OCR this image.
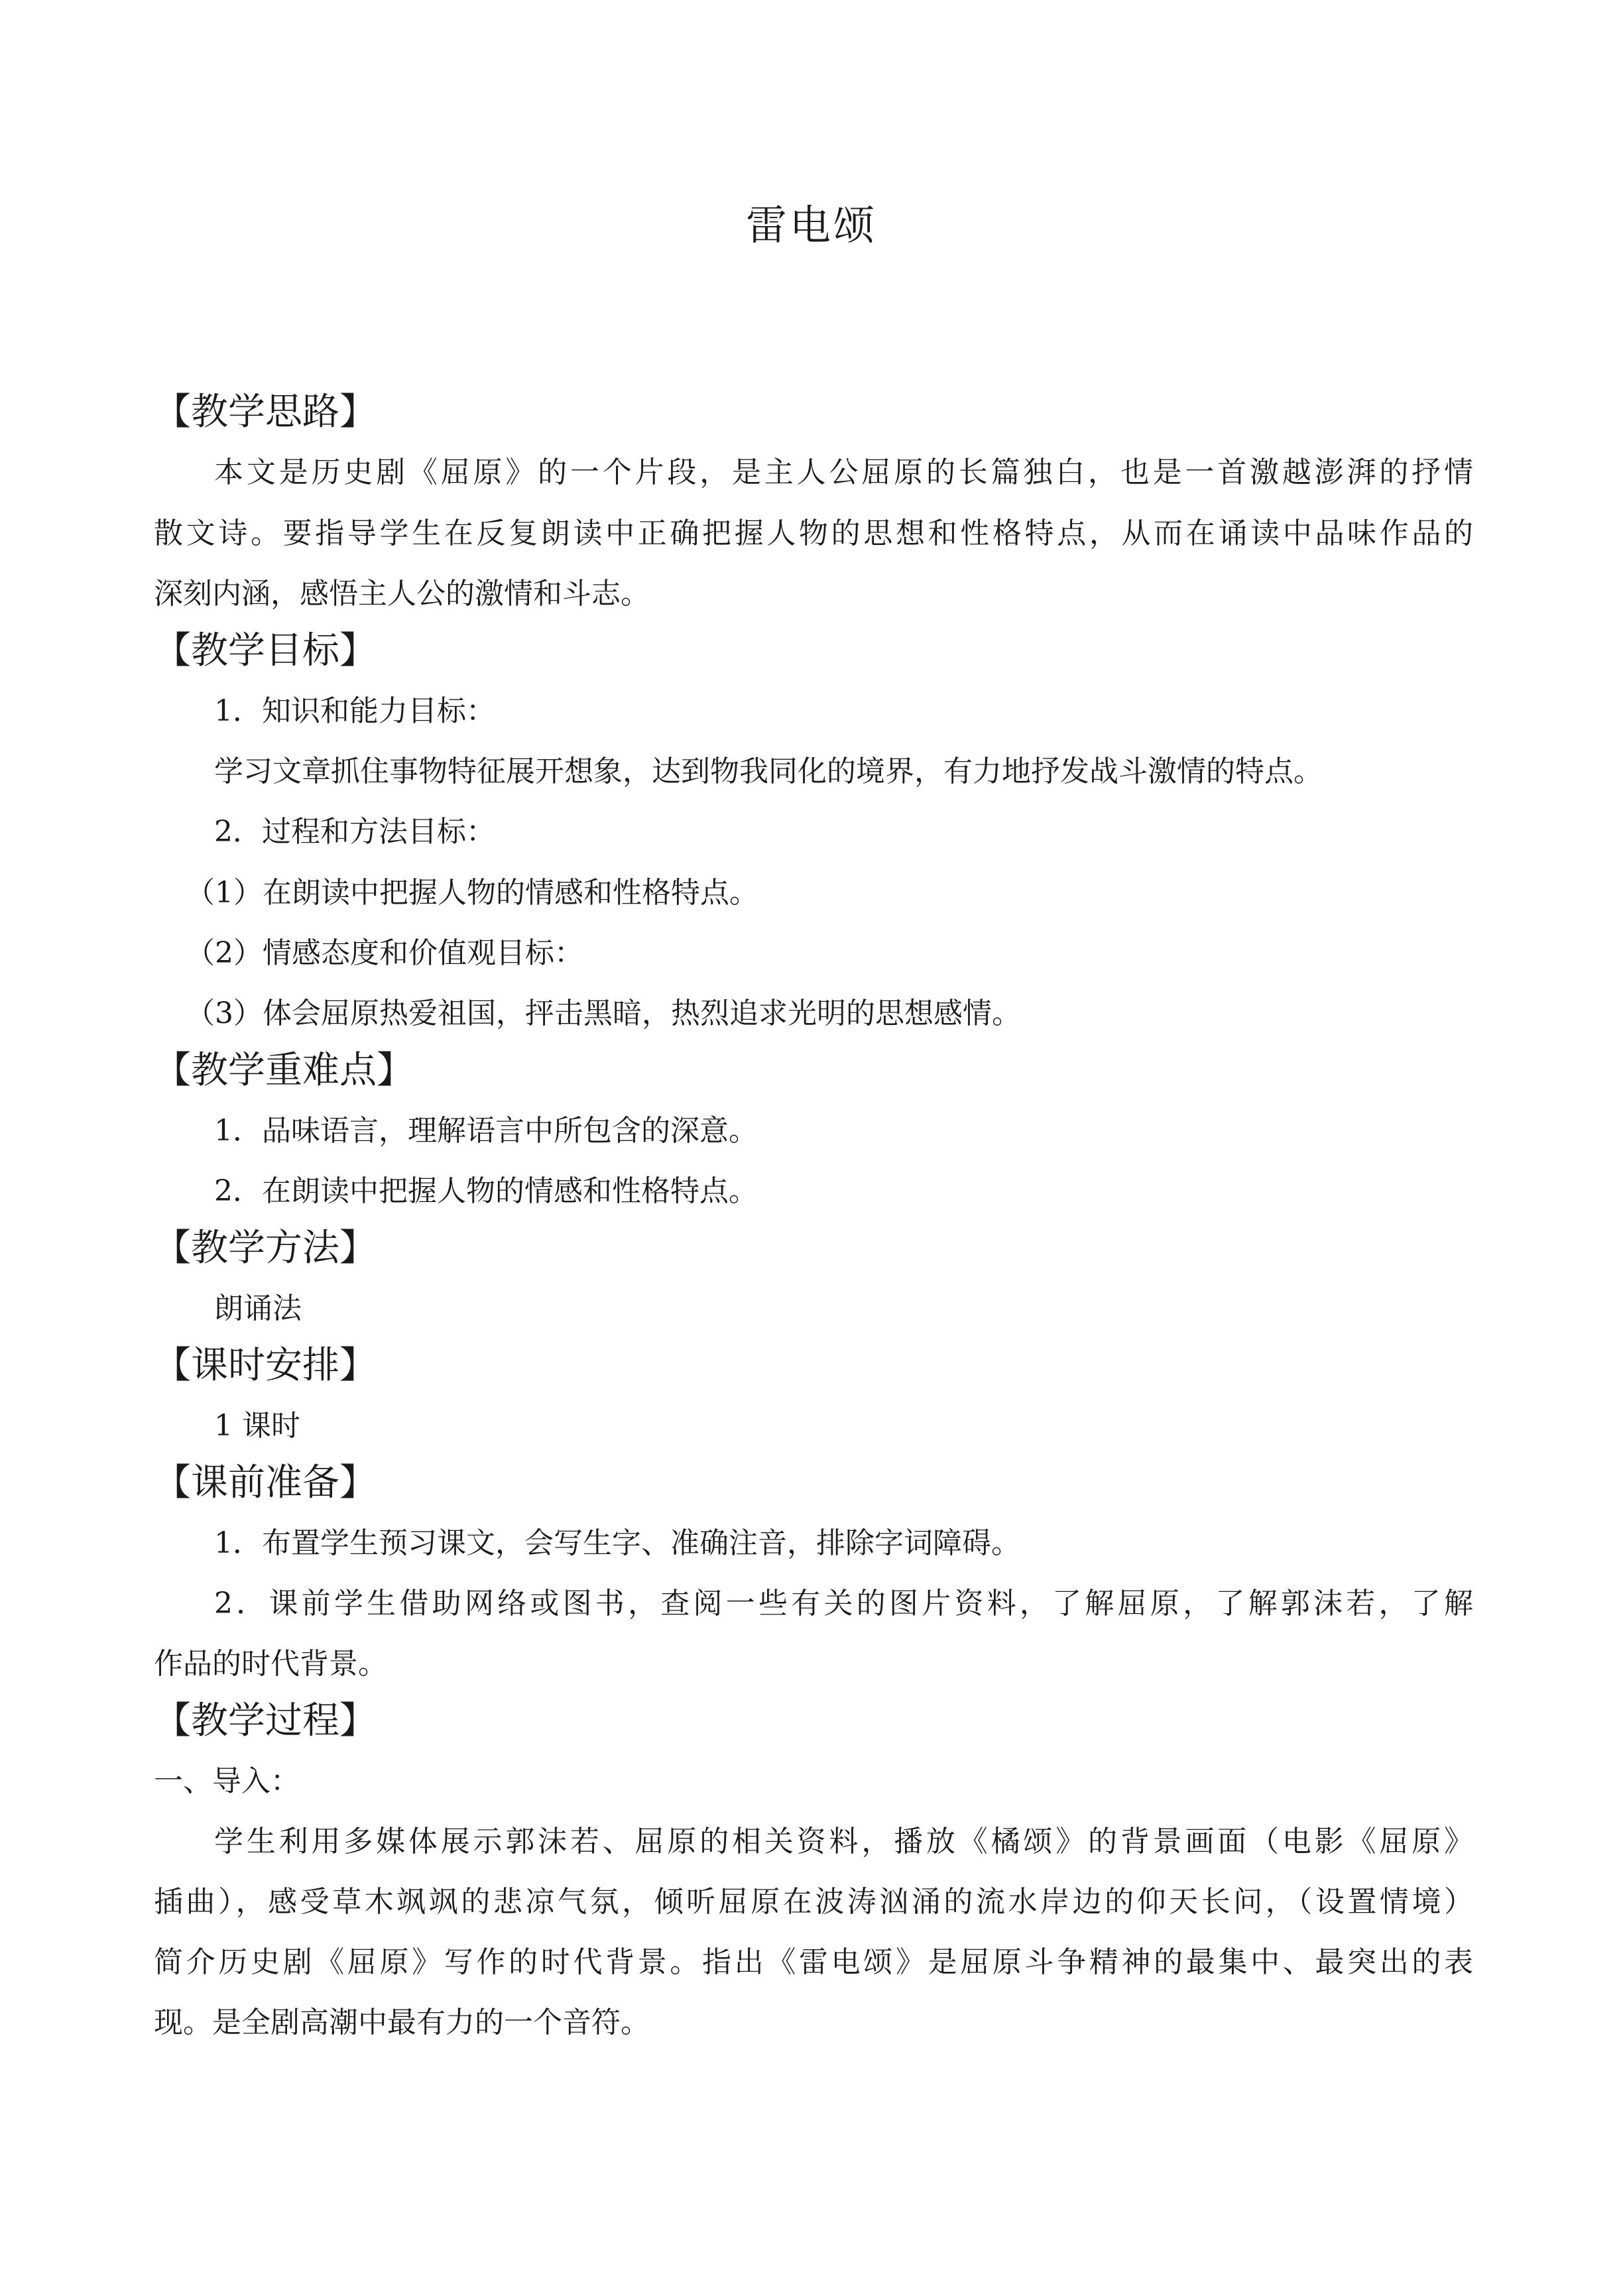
雷电颂
【教学思路】
本文是历史剧《屈原》的一个片段，是主人公屈原的长篇独白，也是一首激越澎湃的抒情
散文诗。要指导学生在反复朗读中正确把握人物的思想和性格特点，从而在诵读中品味作品的
深刻内涵，感悟主人公的激情和斗志。
【教学目标】
1．知识和能力目标：
学习文章抓住事物特征展开想象，达到物我同化的境界，有力地抒发战斗激情的特点。
2．过程和方法目标：
（1）在朗读中把握人物的情感和性格特点。
（2）情感态度和价值观目标：
（3）体会屈原热爱祖国，抨击黑暗，热烈追求光明的思想感情。
【教学重难点】
1．品味语言，理解语言中所包含的深意。
2．在朗读中把握人物的情感和性格特点。
【教学方法】
朗诵法
【课时安排】
1 课时
【课前准备】
1．布置学生预习课文，会写生字、准确注音，排除字词障碍。
2．课前学生借助网络或图书，查阅一些有关的图片资料，了解屈原，了解郭沫若，了解
作品的时代背景。
【教学过程】
一、导入：
学生利用多媒体展示郭沫若、屈原的相关资料，播放《橘颂》的背景画面（电影《屈原》
插曲），感受草木飒飒的悲凉气氛，倾听屈原在波涛汹涌的流水岸边的仰天长问，（设置情境）
简介历史剧《屈原》写作的时代背景。指出《雷电颂》是屈原斗争精神的最集中、最突出的表
现。是全剧高潮中最有力的一个音符。
